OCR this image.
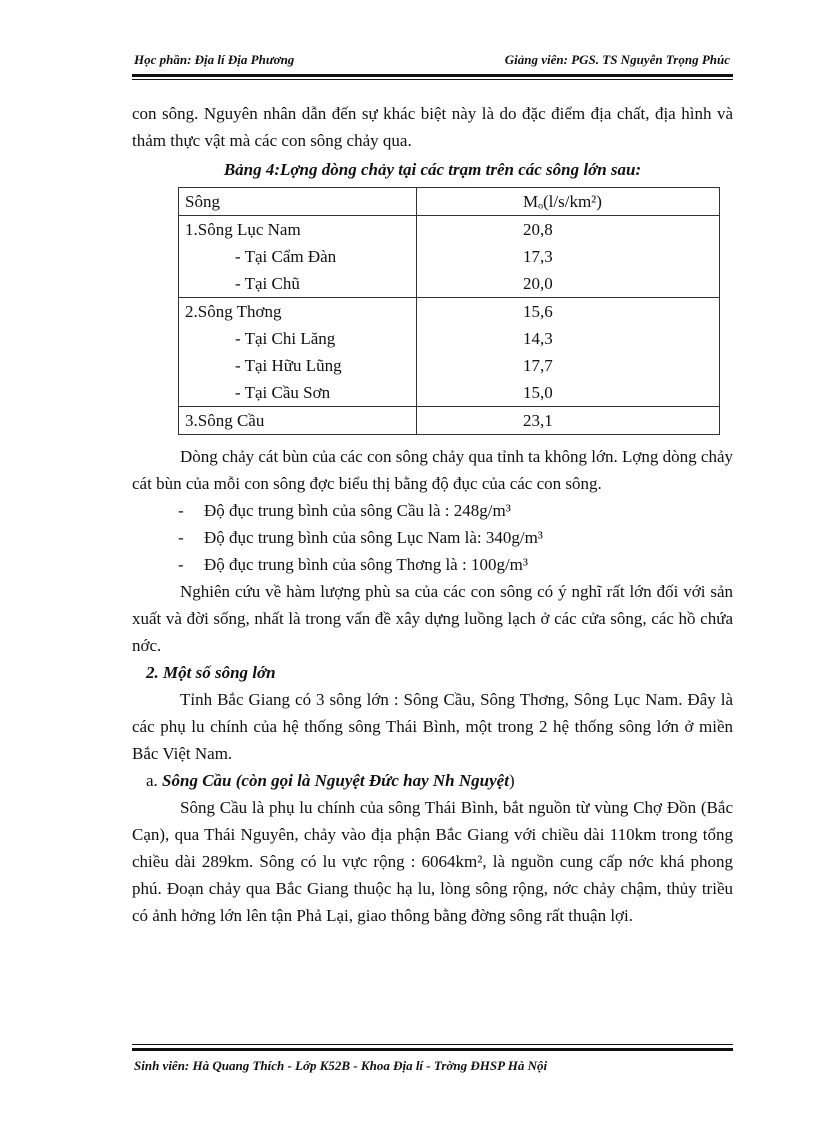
Học phần: Địa lí Địa Phương	Giảng viên: PGS. TS Nguyễn Trọng Phúc

con sông. Nguyên nhân dẫn đến sự khác biệt này là do đặc điểm địa chất, địa hình và thảm thực vật mà các con sông chảy qua.

Bảng 4:Lợng dòng chảy tại các trạm trên các sông lớn sau:

Sông	Mₒ(l/s/km²)
1.Sông Lục Nam	20,8
- Tại Cẩm Đàn	17,3
- Tại Chũ	20,0
2.Sông Thơng	15,6
- Tại Chi Lăng	14,3
- Tại Hữu Lũng	17,7
- Tại Cầu Sơn	15,0
3.Sông Cầu	23,1

Dòng chảy cát bùn của các con sông chảy qua tỉnh ta không lớn. Lợng dòng chảy cát bùn của mỗi con sông đợc biểu thị bằng độ đục của các con sông.

- Độ đục trung bình của sông Cầu là : 248g/m³
- Độ đục trung bình của sông Lục Nam là: 340g/m³
- Độ đục trung bình của sông Thơng là : 100g/m³

Nghiên cứu về hàm lượng phù sa của các con sông có ý nghĩ rất lớn đối với sản xuất và đời sống, nhất là trong vấn đề xây dựng luồng lạch ở các cửa sông, các hồ chứa nớc.

2. Một số sông lớn

Tỉnh Bắc Giang có 3 sông lớn : Sông Cầu, Sông Thơng, Sông Lục Nam. Đây là các phụ lu chính của hệ thống sông Thái Bình, một trong 2 hệ thống sông lớn ở miền Bắc Việt Nam.

a. Sông Cầu (còn gọi là Nguyệt Đức hay Nh Nguyệt)

Sông Cầu là phụ lu chính của sông Thái Bình, bắt nguồn từ vùng Chợ Đồn (Bắc Cạn), qua Thái Nguyên, chảy vào địa phận Bắc Giang với chiều dài 110km trong tổng chiều dài 289km. Sông có lu vực rộng : 6064km², là nguồn cung cấp nớc khá phong phú. Đoạn chảy qua Bắc Giang thuộc hạ lu, lòng sông rộng, nớc chảy chậm, thủy triều có ảnh hởng lớn lên tận Phả Lại, giao thông bằng đờng sông rất thuận lợi.

Sinh viên: Hà Quang Thích - Lớp K52B - Khoa Địa lí - Trờng ĐHSP Hà Nội
